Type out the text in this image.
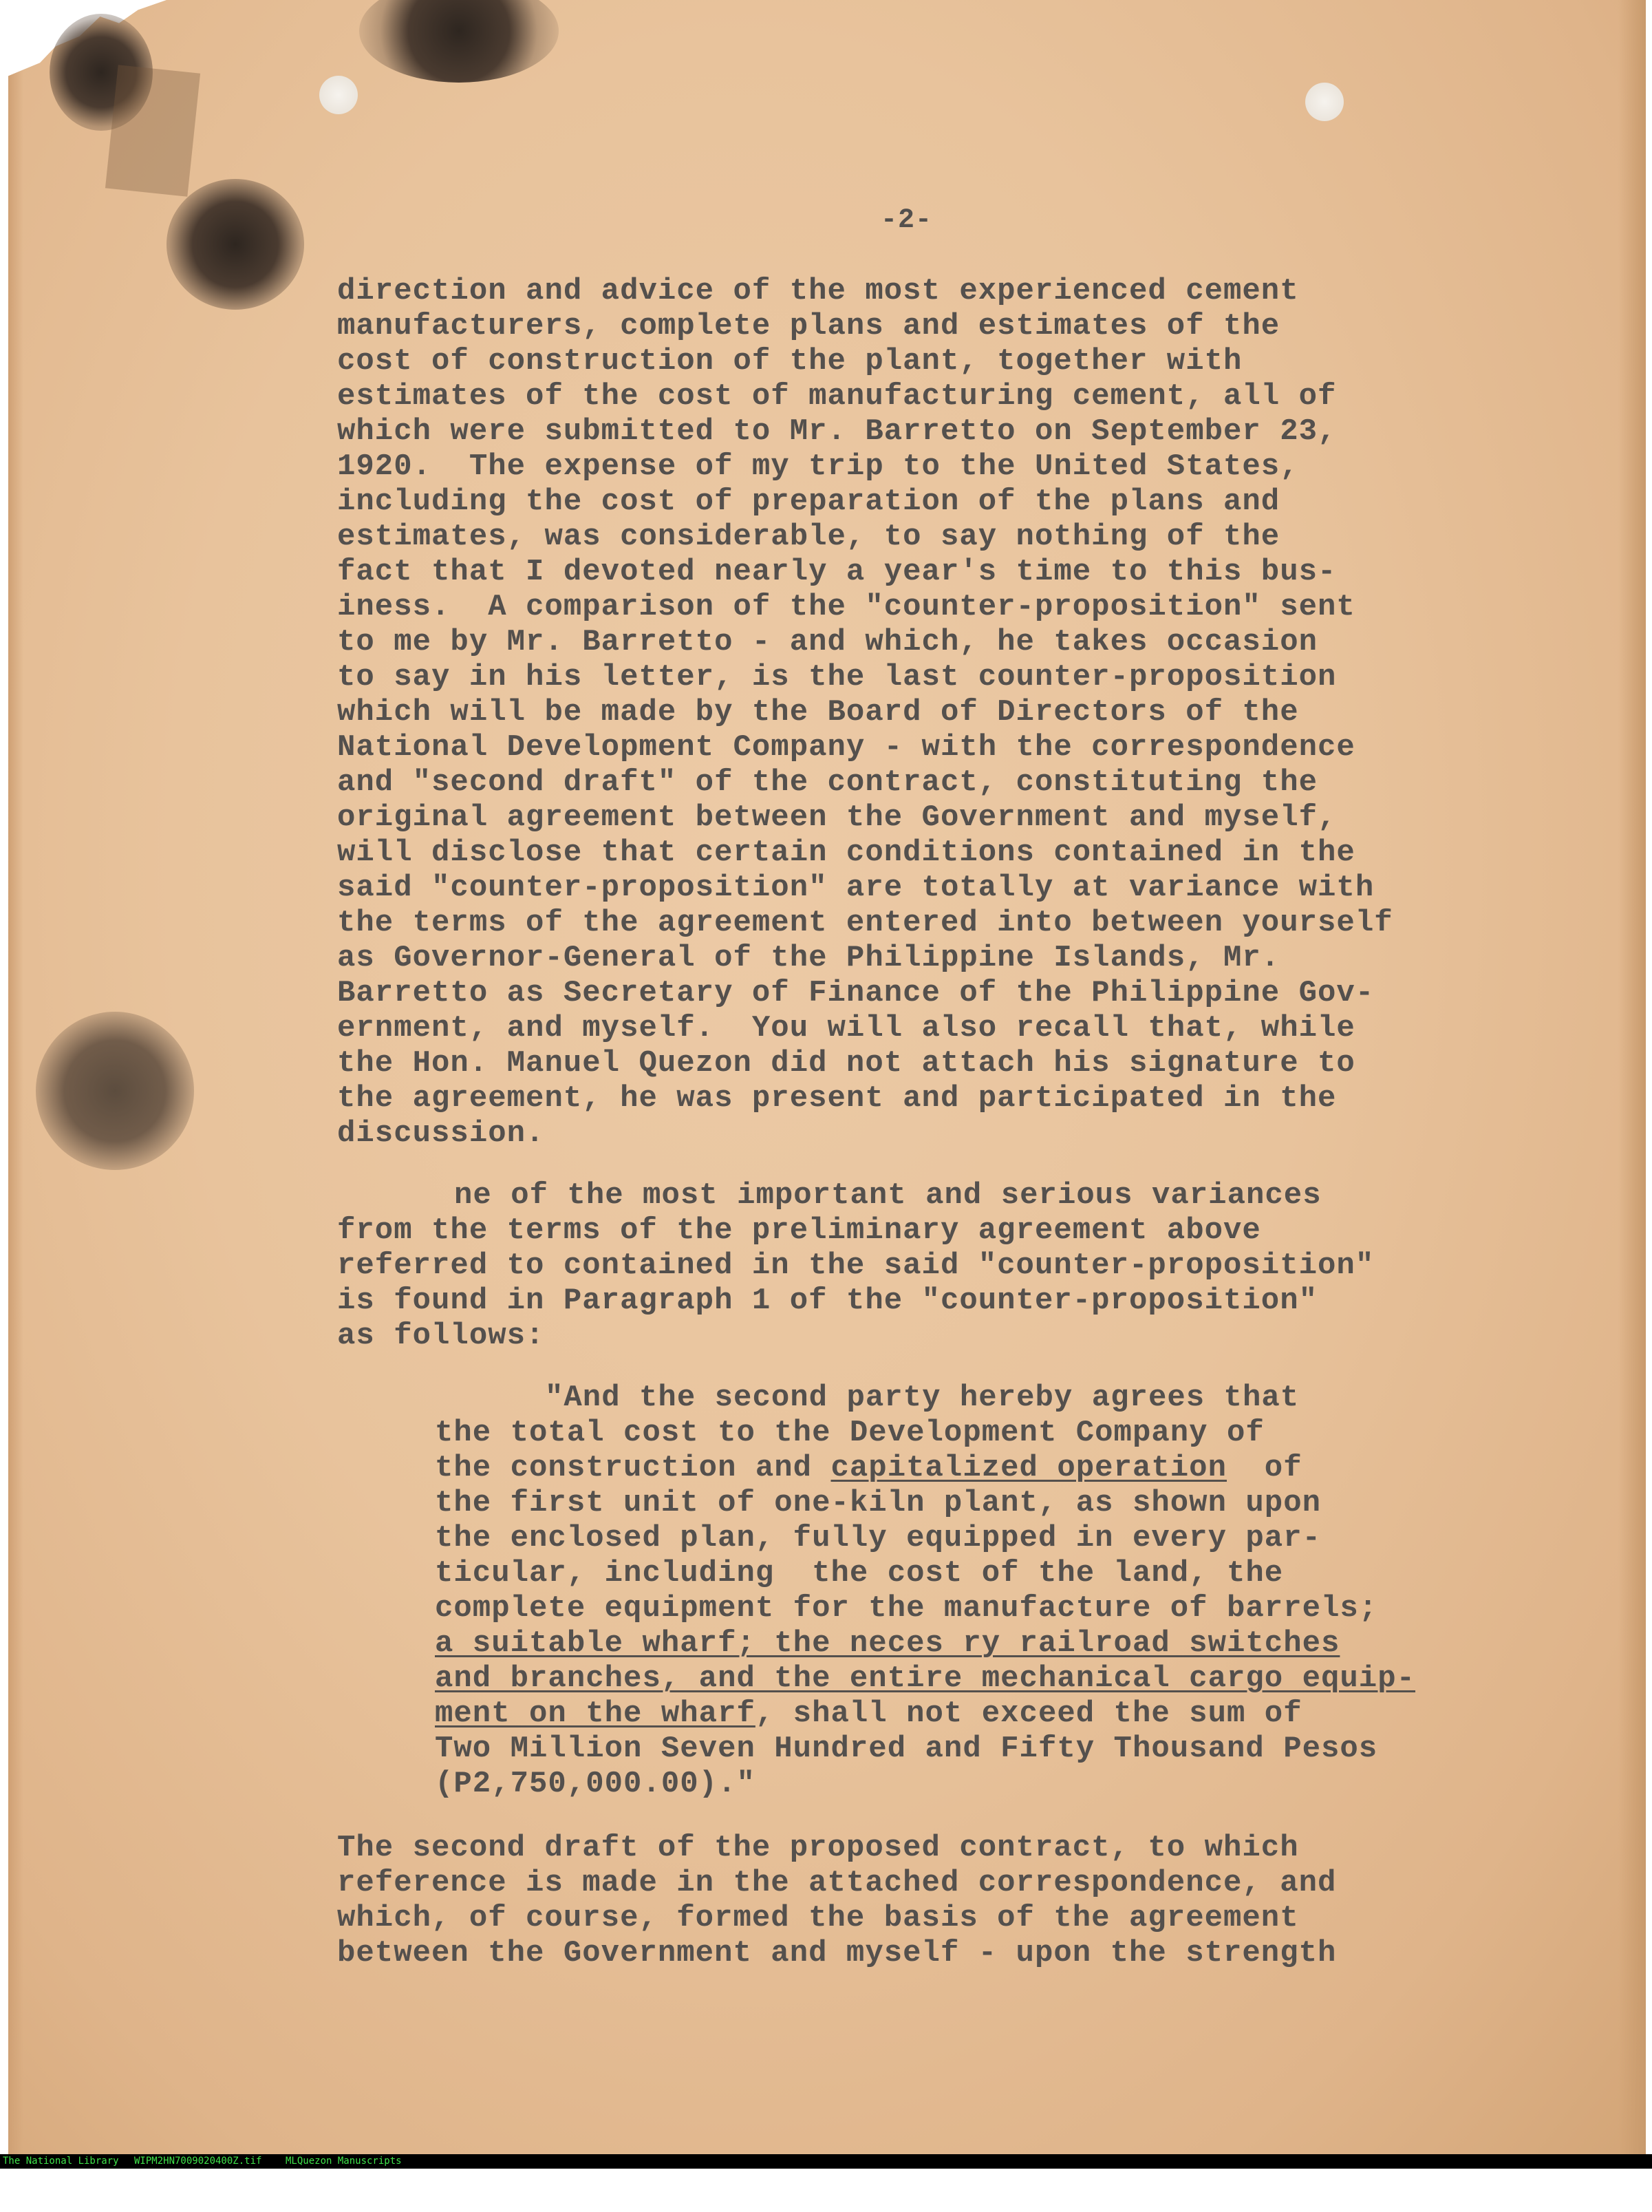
-2-
direction and advice of the most experienced cement
manufacturers, complete plans and estimates of the
cost of construction of the plant, together with
estimates of the cost of manufacturing cement, all of
which were submitted to Mr. Barretto on September 23,
1920.  The expense of my trip to the United States,
including the cost of preparation of the plans and
estimates, was considerable, to say nothing of the
fact that I devoted nearly a year's time to this bus-
iness.  A comparison of the "counter-proposition" sent
to me by Mr. Barretto - and which, he takes occasion
to say in his letter, is the last counter-proposition
which will be made by the Board of Directors of the
National Development Company - with the correspondence
and "second draft" of the contract, constituting the
original agreement between the Government and myself,
will disclose that certain conditions contained in the
said "counter-proposition" are totally at variance with
the terms of the agreement entered into between yourself
as Governor-General of the Philippine Islands, Mr.
Barretto as Secretary of Finance of the Philippine Gov-
ernment, and myself.  You will also recall that, while
the Hon. Manuel Quezon did not attach his signature to
the agreement, he was present and participated in the
discussion.
ne of the most important and serious variances
from the terms of the preliminary agreement above
referred to contained in the said "counter-proposition"
is found in Paragraph 1 of the "counter-proposition"
as follows:
"And the second party hereby agrees that
the total cost to the Development Company of
the construction and capitalized operation  of
the first unit of one-kiln plant, as shown upon
the enclosed plan, fully equipped in every par-
ticular, including  the cost of the land, the
complete equipment for the manufacture of barrels;
a suitable wharf; the neces ry railroad switches
and branches, and the entire mechanical cargo equip-
ment on the wharf, shall not exceed the sum of
Two Million Seven Hundred and Fifty Thousand Pesos
(P2,750,000.00)."
The second draft of the proposed contract, to which
reference is made in the attached correspondence, and
which, of course, formed the basis of the agreement
between the Government and myself - upon the strength

The National Library

WIPM2HN7009020400Z.tif

MLQuezon Manuscripts
